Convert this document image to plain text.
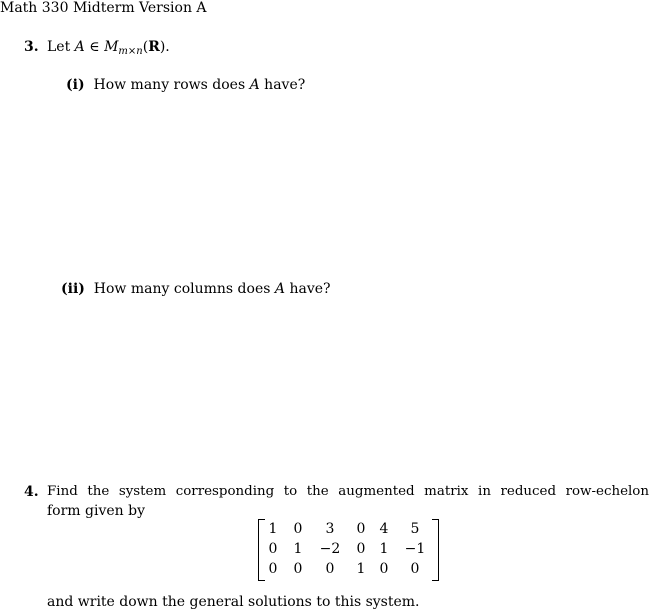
Math 330 Midterm Version A
3. Let A ∈ $M_{m\times n}(R)$.
(i) How many rows does A have?
(ii) How many columns does A have?
4. Find the system corresponding to the augmented matrix in reduced row-echelon
form given by
1	0	3	0	4	5
0	1	−2	0	1	−1
0	0	0	1	0	0
and write down the general solutions to this system.
